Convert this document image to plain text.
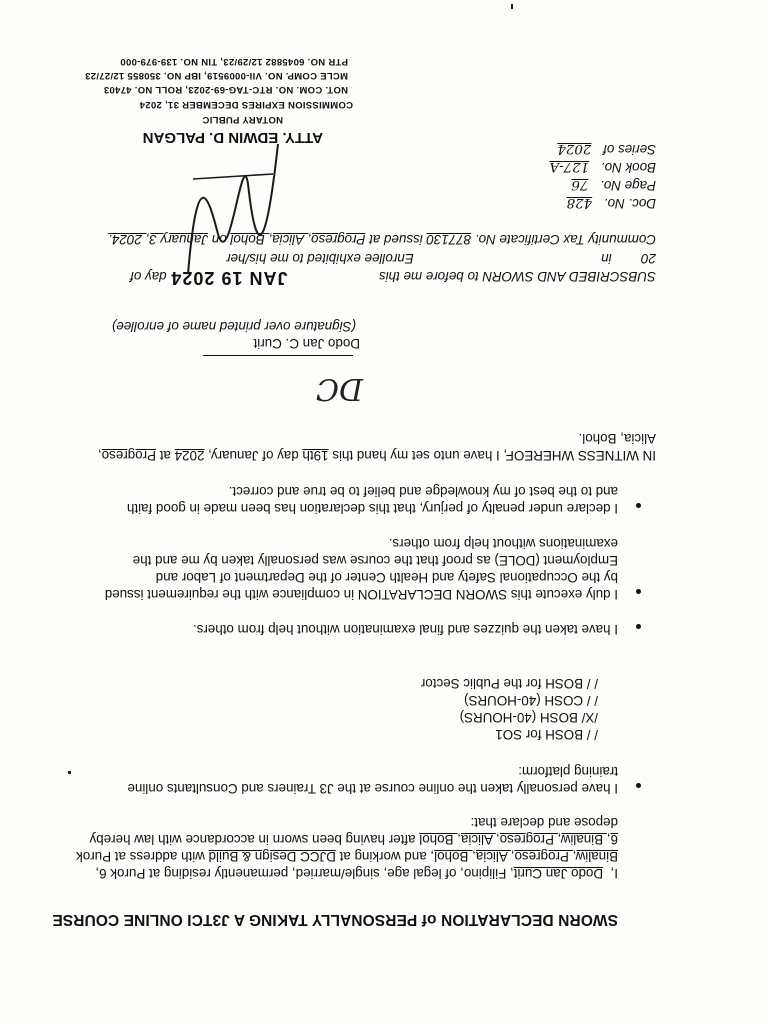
SWORN DECLARATION of PERSONALLY TAKING A J3TCI ONLINE COURSE
I,  Dodo Jan Curit, Filipino, of legal age, single/married, permanently residing at Purok 6,
Binaliw, Progreso, Alicia, Bohol, and working at DJCC Design & Build with address at Purok
6, Binaliw, Progreso, Alicia, Bohol after having been sworn in accordance with law hereby
depose and declare that:
I have personally taken the online course at the J3 Trainers and Consultants online
training platform:
/ / BOSH for SO1
/X/ BOSH (40-HOURS)
/ / COSH (40-HOURS)
/ / BOSH for the Public Sector
I have taken the quizzes and final examination without help from others.
I duly execute this SWORN DECLARATION in compliance with the requirement issued
by the Occupational Safety and Health Center of the Department of Labor and
Employment (DOLE) as proof that the course was personally taken by me and the
examinations without help from others.
I declare under penalty of perjury, that this declaration has been made in good faith
and to the best of my knowledge and belief to be true and correct.
IN WITNESS WHEREOF, I have unto set my hand this 19th day of January, 2024 at Progreso,
Alicia, Bohol.
DC
Dodo Jan C. Curit
(Signature over printed name of enrollee)
SUBSCRIBED AND SWORN to before me this  JAN 19 2024 day of
20  in  Enrollee exhibited to me his/her
Community Tax Certificate No. 877130 issued at Progreso, Alicia, Bohol on January 3, 2024.
Doc. No. 428
Page No. 76
Book No. 127-A
Series of 2024
ATTY. EDWIN D. PALGAN
NOTARY PUBLIC
COMMISSION EXPIRES DECEMBER 31, 2024
NOT. COM. NO. RTC-TAG-69-2023, ROLL NO. 47403
MCLE COMP. NO. VII-0009519, IBP NO. 350855 12/27/23
PTR NO. 6045882 12/29/23, TIN NO. 139-979-000
